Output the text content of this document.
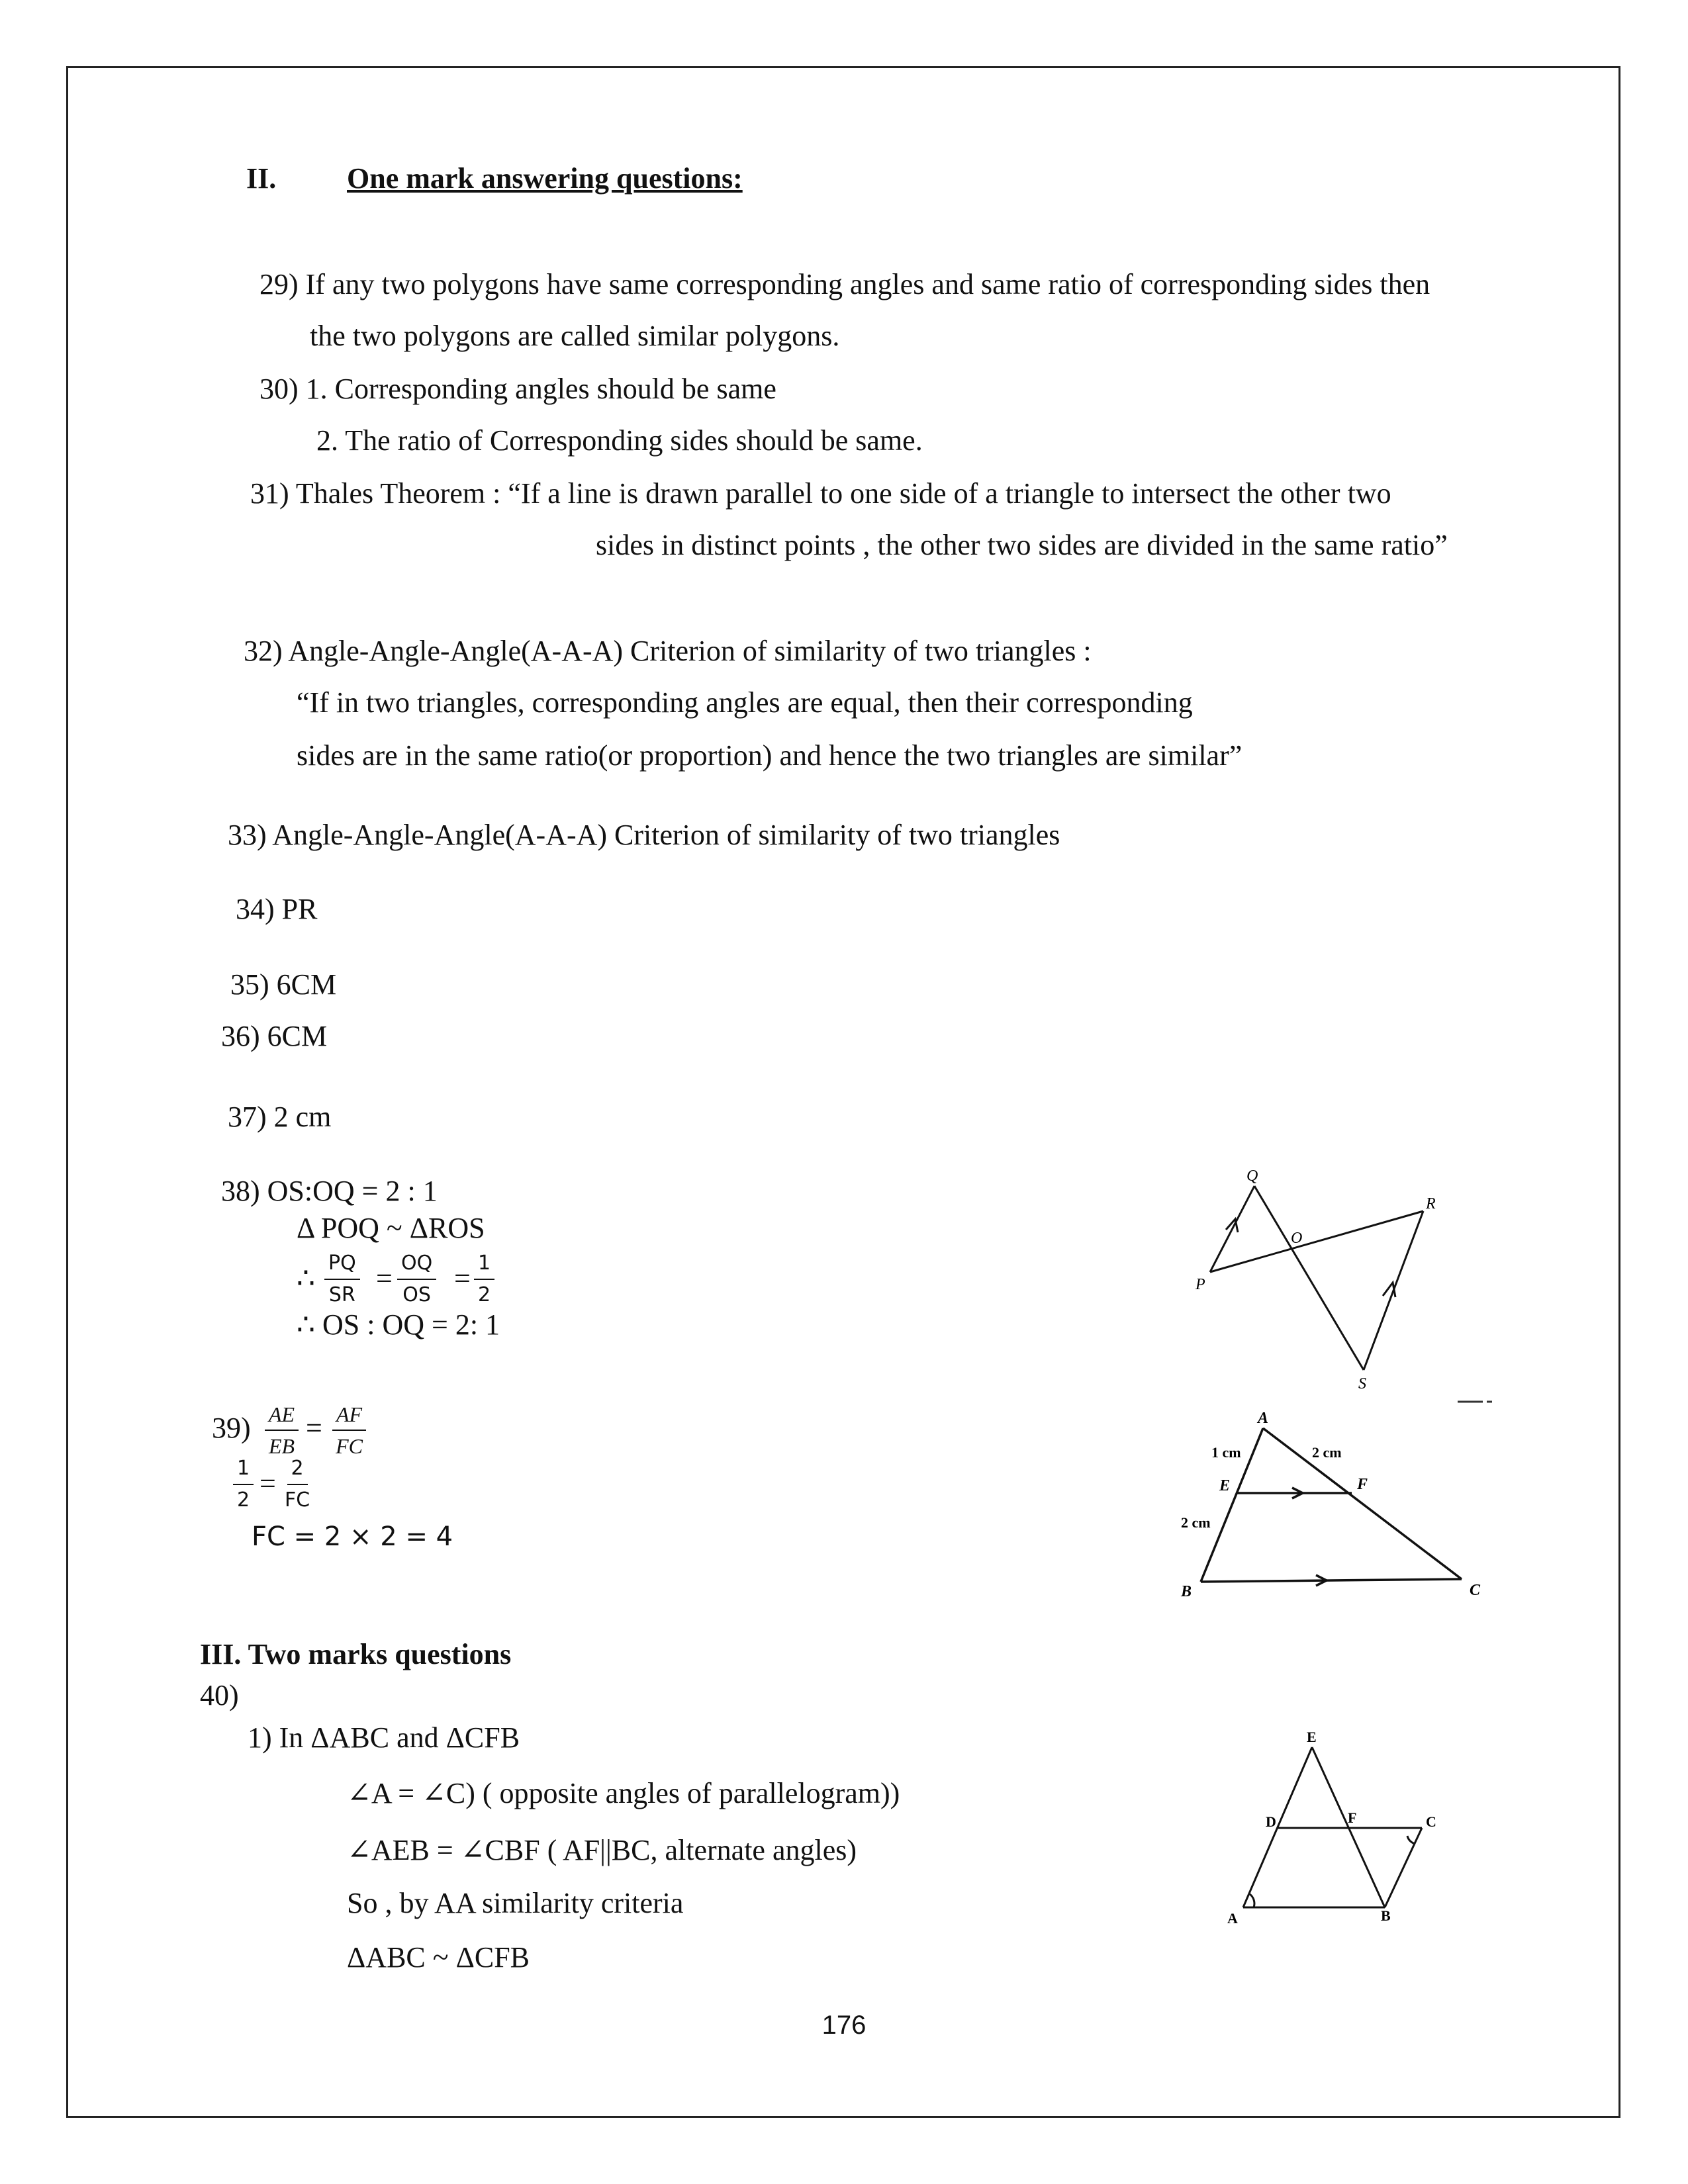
II. One mark answering questions:
29) If any two polygons have same corresponding angles and same ratio of corresponding sides then
the two polygons are called similar polygons.
30) 1. Corresponding angles should be same
2. The ratio of Corresponding sides should be same.
31) Thales Theorem : “If a line is drawn parallel to one side of a triangle to intersect the other two
sides in distinct points , the other two sides are divided in the same ratio”
32) Angle-Angle-Angle(A-A-A) Criterion of similarity of two triangles :
“If in two triangles, corresponding angles are equal, then their corresponding
sides are in the same ratio(or proportion) and hence the two triangles are similar”
33) Angle-Angle-Angle(A-A-A) Criterion of similarity of two triangles
34) PR
35) 6CM
36) 6CM
37) 2 cm
38) OS:OQ = 2 : 1
Δ POQ ~ ΔROS
∴ $\frac{PQ}{SR} = \frac{OQ}{OS} = \frac{1}{2}$
∴ OS : OQ = 2: 1
$39) \frac{AE}{EB} = \frac{AF}{FC}$
$\frac{1}{2} = \frac{2}{FC}$
FC = 2 × 2 = 4
III. Two marks questions
40)
1) In ΔABC and ΔCFB
∠A = ∠C) ( opposite angles of parallelogram))
∠AEB = ∠CBF ( AF||BC, alternate angles)
So , by AA similarity criteria
ΔABC ~ ΔCFB
Q
O
R
P
S
A
E	F
B	C
1 cm	2 cm
2 cm
E
D	F	C
A	B
176
